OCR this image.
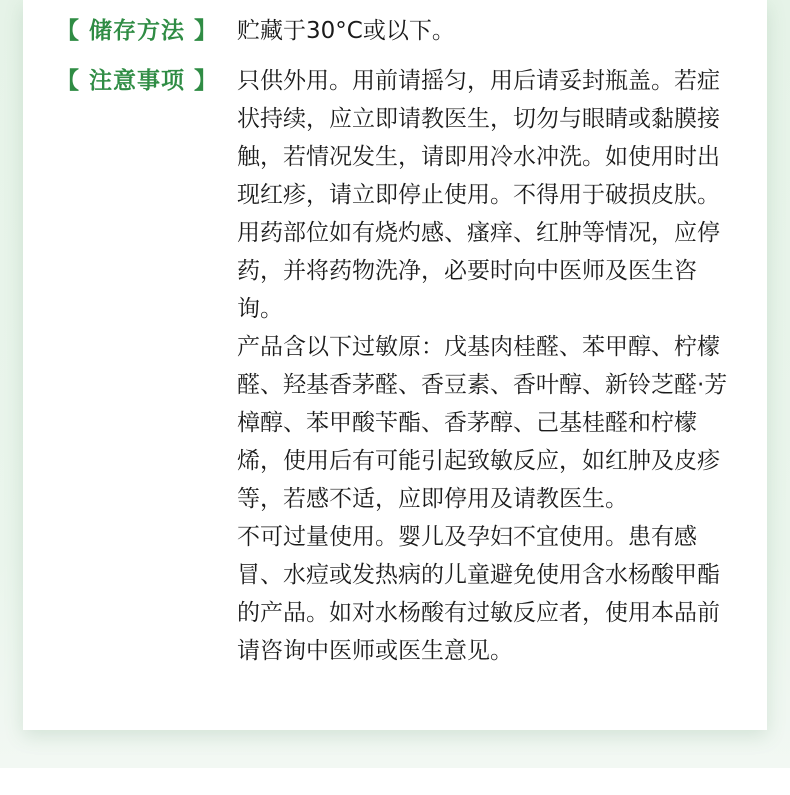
【 储存方法 】 贮藏于30°C或以下。

【 注意事项 】 只供外用。用前请摇匀，用后请妥封瓶盖。若症状持续，应立即请教医生，切勿与眼睛或黏膜接触，若情况发生，请即用冷水冲洗。如使用时出现红疹，请立即停止使用。不得用于破损皮肤。用药部位如有烧灼感、瘙痒、红肿等情况，应停药，并将药物洗净，必要时向中医师及医生咨询。

产品含以下过敏原：戊基肉桂醛、苯甲醇、柠檬醛、羟基香茅醛、香豆素、香叶醇、新铃芝醛·芳樟醇、苯甲酸苄酯、香茅醇、己基桂醛和柠檬烯，使用后有可能引起致敏反应，如红肿及皮疹等，若感不适，应即停用及请教医生。

不可过量使用。婴儿及孕妇不宜使用。患有感冒、水痘或发热病的儿童避免使用含水杨酸甲酯的产品。如对水杨酸有过敏反应者，使用本品前请咨询中医师或医生意见。
